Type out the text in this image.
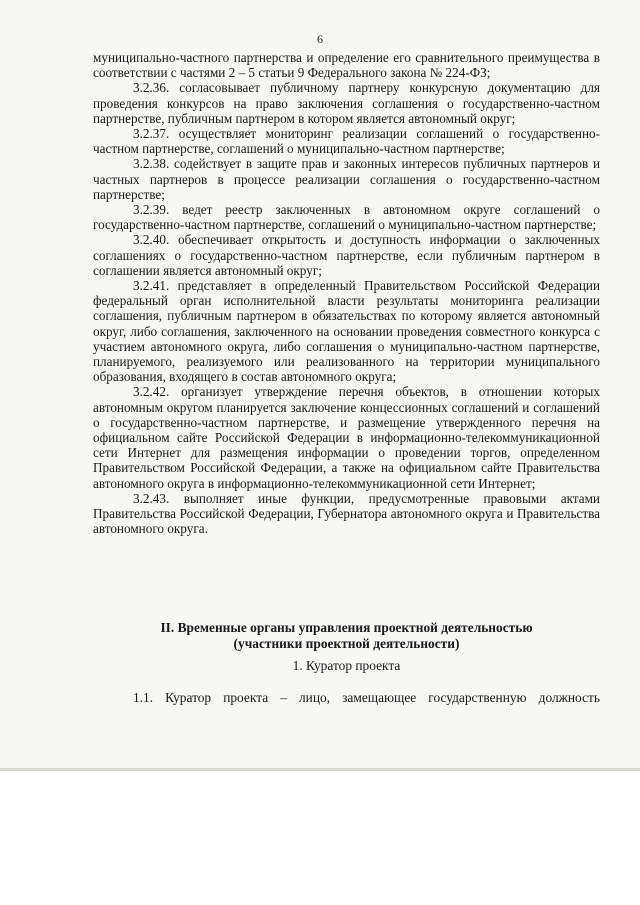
6

муниципально-частного партнерства и определение его сравнительного преимущества в соответствии с частями 2 – 5 статьи 9 Федерального закона № 224-ФЗ;

3.2.36. согласовывает публичному партнеру конкурсную документацию для проведения конкурсов на право заключения соглашения о государственно-частном партнерстве, публичным партнером в котором является автономный округ;

3.2.37. осуществляет мониторинг реализации соглашений о государственно-частном партнерстве, соглашений о муниципально-частном партнерстве;

3.2.38. содействует в защите прав и законных интересов публичных партнеров и частных партнеров в процессе реализации соглашения о государственно-частном партнерстве;

3.2.39. ведет реестр заключенных в автономном округе соглашений о государственно-частном партнерстве, соглашений о муниципально-частном партнерстве;

3.2.40. обеспечивает открытость и доступность информации о заключенных соглашениях о государственно-частном партнерстве, если публичным партнером в соглашении является автономный округ;

3.2.41. представляет в определенный Правительством Российской Федерации федеральный орган исполнительной власти результаты мониторинга реализации соглашения, публичным партнером в обязательствах по которому является автономный округ, либо соглашения, заключенного на основании проведения совместного конкурса с участием автономного округа, либо соглашения о муниципально-частном партнерстве, планируемого, реализуемого или реализованного на территории муниципального образования, входящего в состав автономного округа;

3.2.42. организует утверждение перечня объектов, в отношении которых автономным округом планируется заключение концессионных соглашений и соглашений о государственно-частном партнерстве, и размещение утвержденного перечня на официальном сайте Российской Федерации в информационно-телекоммуникационной сети Интернет для размещения информации о проведении торгов, определенном Правительством Российской Федерации, а также на официальном сайте Правительства автономного округа в информационно-телекоммуникационной сети Интернет;

3.2.43. выполняет иные функции, предусмотренные правовыми актами Правительства Российской Федерации, Губернатора автономного округа и Правительства автономного округа.

II. Временные органы управления проектной деятельностью
(участники проектной деятельности)
1. Куратор проекта
1.1. Куратор проекта – лицо, замещающее государственную должность
